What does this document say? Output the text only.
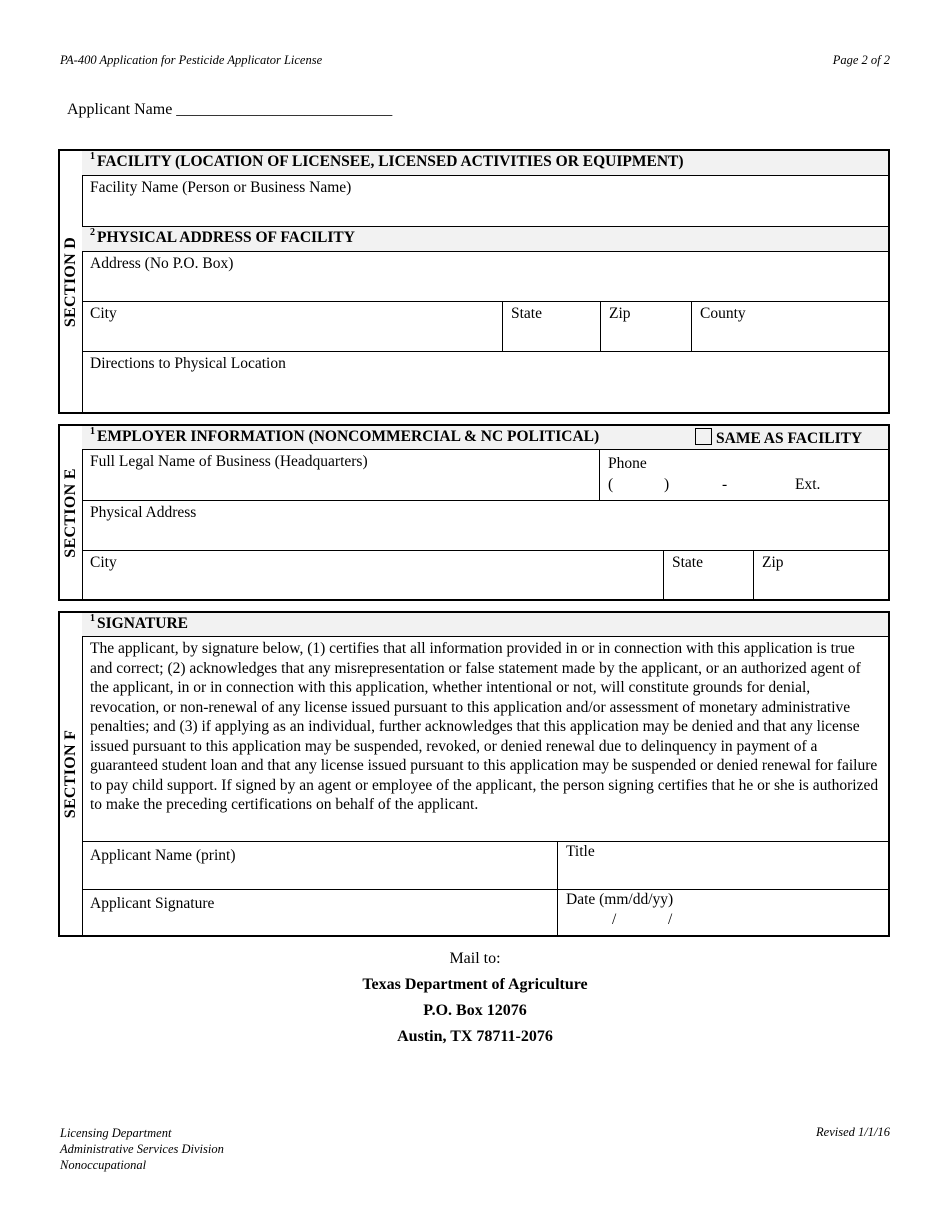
PA-400 Application for Pesticide Applicator License	Page 2 of 2
Applicant Name ___________________________
SECTION D
$^1$ FACILITY (LOCATION OF LICENSEE, LICENSED ACTIVITIES OR EQUIPMENT)
Facility Name (Person or Business Name)
$^2$ PHYSICAL ADDRESS OF FACILITY
Address (No P.O. Box)
City	State	Zip	County
Directions to Physical Location
SECTION E
$^1$ EMPLOYER INFORMATION (NONCOMMERCIAL & NC POLITICAL)	SAME AS FACILITY
Full Legal Name of Business (Headquarters)	Phone
(	)	-	Ext.
Physical Address
City	State	Zip
SECTION F
$^1$ SIGNATURE
The applicant, by signature below, (1) certifies that all information provided in or in connection with this application is true and correct; (2) acknowledges that any misrepresentation or false statement made by the applicant, or an authorized agent of the applicant, in or in connection with this application, whether intentional or not, will constitute grounds for denial, revocation, or non-renewal of any license issued pursuant to this application and/or assessment of monetary administrative penalties; and (3) if applying as an individual, further acknowledges that this application may be denied and that any license issued pursuant to this application may be suspended, revoked, or denied renewal due to delinquency in payment of a guaranteed student loan and that any license issued pursuant to this application may be suspended or denied renewal for failure to pay child support. If signed by an agent or employee of the applicant, the person signing certifies that he or she is authorized to make the preceding certifications on behalf of the applicant.
Applicant Name (print)	Title
Applicant Signature	Date (mm/dd/yy)
/	/
Mail to:
Texas Department of Agriculture
P.O. Box 12076
Austin, TX 78711-2076
Licensing Department
Administrative Services Division
Nonoccupational
Revised 1/1/16
